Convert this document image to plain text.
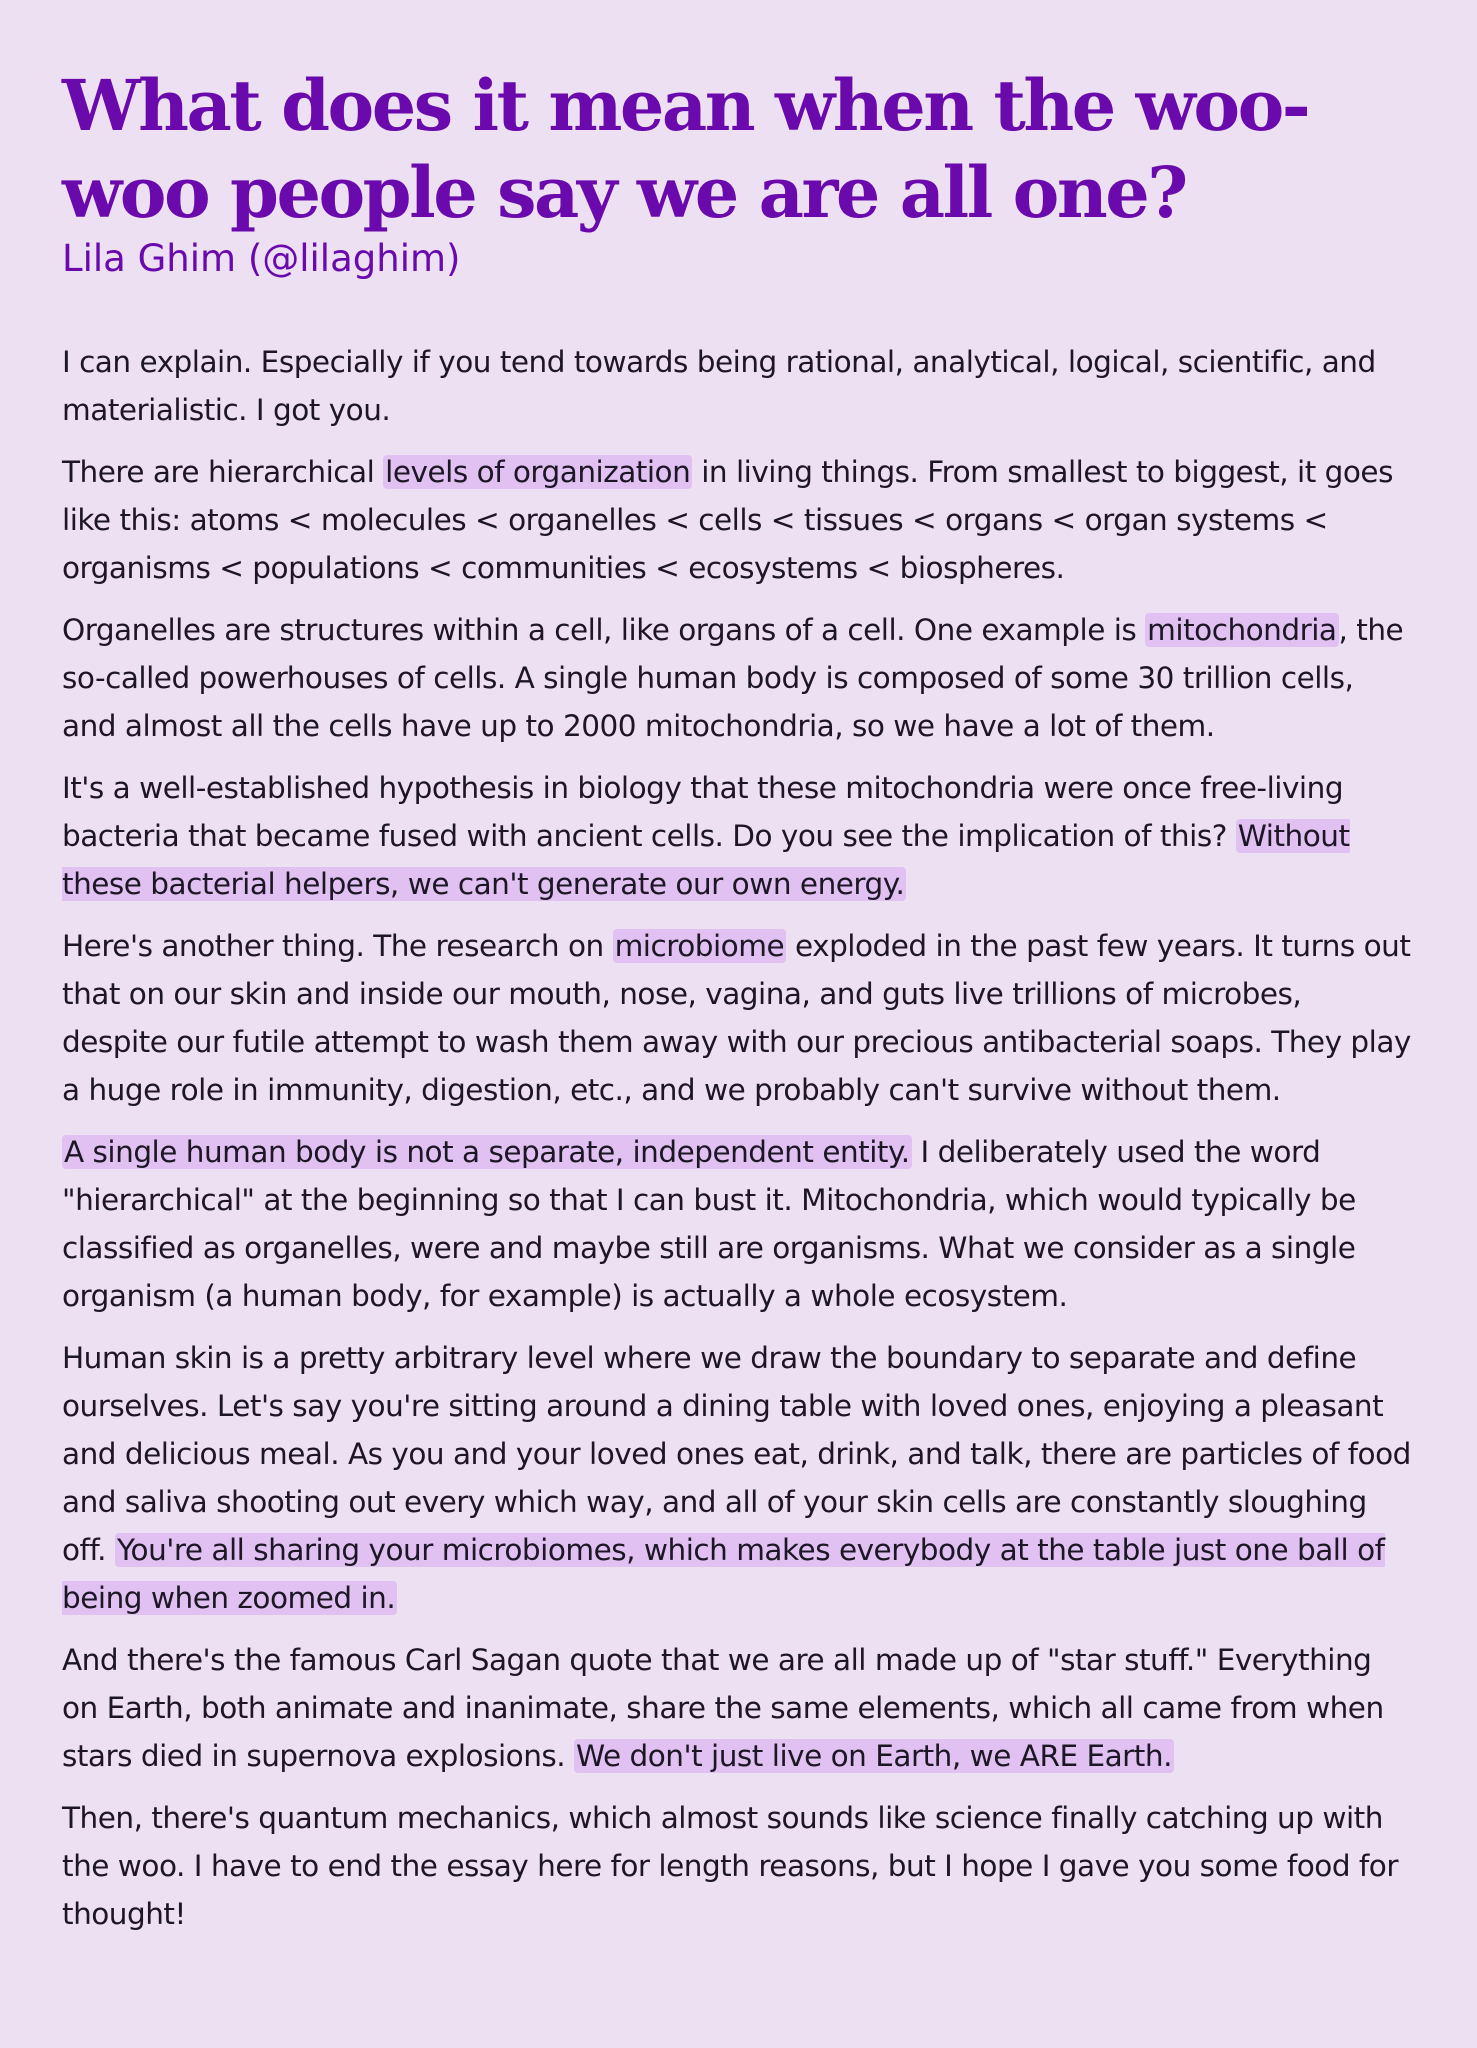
What does it mean when the woo-woo people say we are all one?
Lila Ghim (@lilaghim)

I can explain. Especially if you tend towards being rational, analytical, logical, scientific, and materialistic. I got you.

There are hierarchical levels of organization in living things. From smallest to biggest, it goes like this: atoms < molecules < organelles < cells < tissues < organs < organ systems < organisms < populations < communities < ecosystems < biospheres.

Organelles are structures within a cell, like organs of a cell. One example is mitochondria, the so-called powerhouses of cells. A single human body is composed of some 30 trillion cells, and almost all the cells have up to 2000 mitochondria, so we have a lot of them.

It's a well-established hypothesis in biology that these mitochondria were once free-living bacteria that became fused with ancient cells. Do you see the implication of this? Without these bacterial helpers, we can't generate our own energy.

Here's another thing. The research on microbiome exploded in the past few years. It turns out that on our skin and inside our mouth, nose, vagina, and guts live trillions of microbes, despite our futile attempt to wash them away with our precious antibacterial soaps. They play a huge role in immunity, digestion, etc., and we probably can't survive without them.

A single human body is not a separate, independent entity. I deliberately used the word "hierarchical" at the beginning so that I can bust it. Mitochondria, which would typically be classified as organelles, were and maybe still are organisms. What we consider as a single organism (a human body, for example) is actually a whole ecosystem.

Human skin is a pretty arbitrary level where we draw the boundary to separate and define ourselves. Let's say you're sitting around a dining table with loved ones, enjoying a pleasant and delicious meal. As you and your loved ones eat, drink, and talk, there are particles of food and saliva shooting out every which way, and all of your skin cells are constantly sloughing off. You're all sharing your microbiomes, which makes everybody at the table just one ball of being when zoomed in.

And there's the famous Carl Sagan quote that we are all made up of "star stuff." Everything on Earth, both animate and inanimate, share the same elements, which all came from when stars died in supernova explosions. We don't just live on Earth, we ARE Earth.

Then, there's quantum mechanics, which almost sounds like science finally catching up with the woo. I have to end the essay here for length reasons, but I hope I gave you some food for thought!
